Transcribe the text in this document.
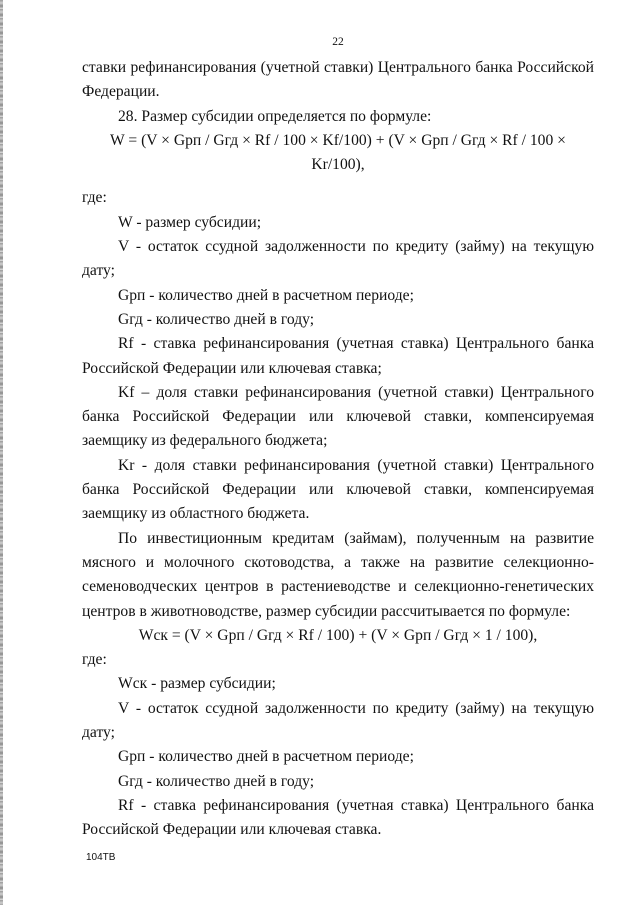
22

ставки рефинансирования (учетной ставки) Центрального банка Российской Федерации.

28. Размер субсидии определяется по формуле:

W = (V × Gрп / Gгд × Rf / 100 × Kf/100) + (V × Gрп / Gгд × Rf / 100 × Kr/100),

где:

W - размер субсидии;

V - остаток ссудной задолженности по кредиту (займу) на текущую дату;

Gрп - количество дней в расчетном периоде;

Gгд - количество дней в году;

Rf - ставка рефинансирования (учетная ставка) Центрального банка Российской Федерации или ключевая ставка;

Kf – доля ставки рефинансирования (учетной ставки) Центрального банка Российской Федерации или ключевой ставки, компенсируемая заемщику из федерального бюджета;

Kr - доля ставки рефинансирования (учетной ставки) Центрального банка Российской Федерации или ключевой ставки, компенсируемая заемщику из областного бюджета.

По инвестиционным кредитам (займам), полученным на развитие мясного и молочного скотоводства, а также на развитие селекционно-семеноводческих центров в растениеводстве и селекционно-генетических центров в животноводстве, размер субсидии рассчитывается по формуле:

Wск = (V × Gрп / Gгд × Rf / 100) + (V × Gрп / Gгд × 1 / 100),

где:

Wск - размер субсидии;

V - остаток ссудной задолженности по кредиту (займу) на текущую дату;

Gрп - количество дней в расчетном периоде;

Gгд - количество дней в году;

Rf - ставка рефинансирования (учетная ставка) Центрального банка Российской Федерации или ключевая ставка.

104ТВ
